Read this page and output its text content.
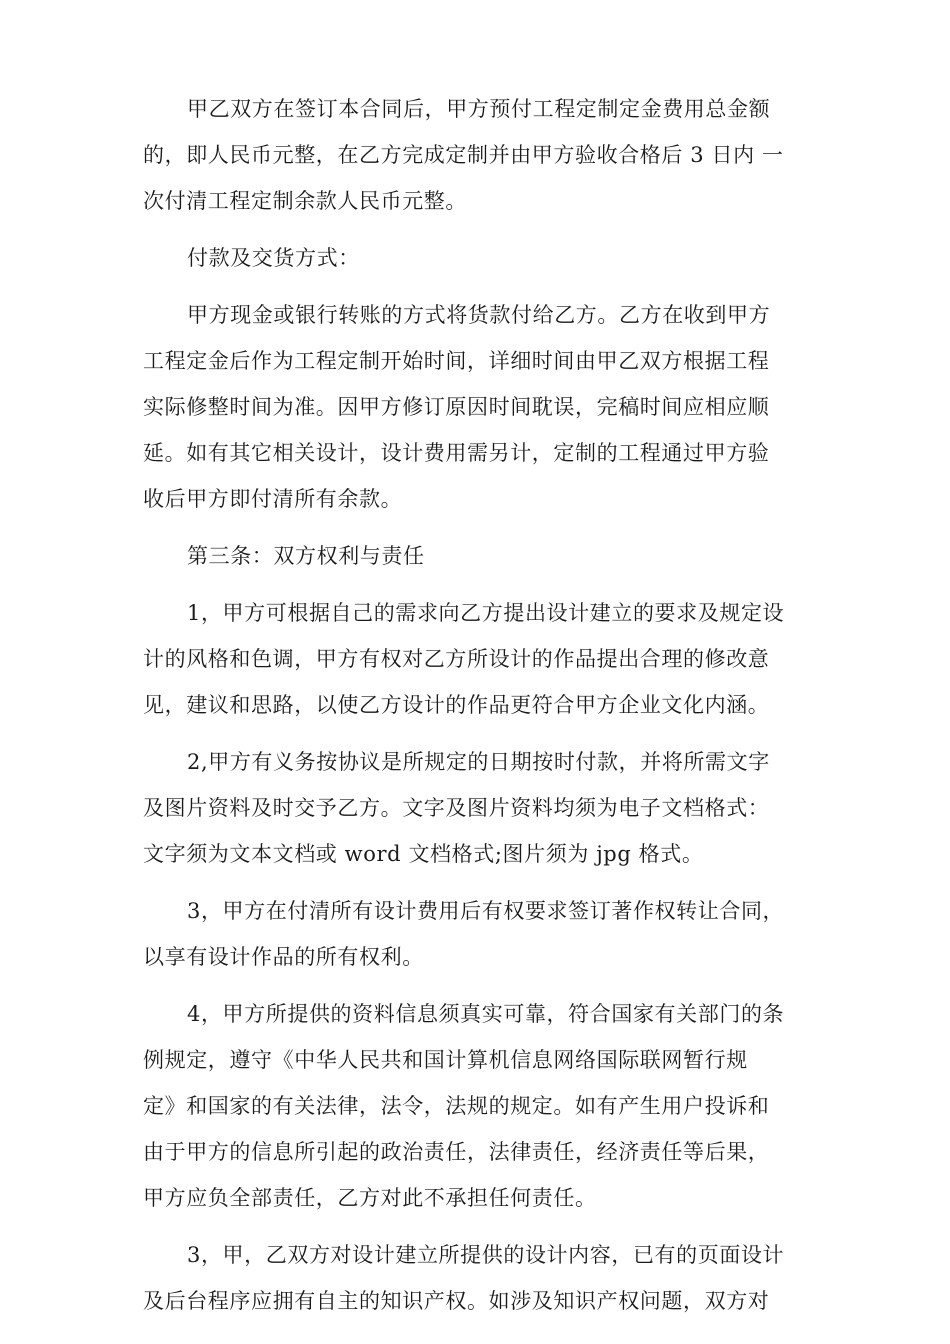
甲乙双方在签订本合同后，甲方预付工程定制定金费用总金额
的，即人民币元整，在乙方完成定制并由甲方验收合格后 3 日内 一
次付清工程定制余款人民币元整。

付款及交货方式：

甲方现金或银行转账的方式将货款付给乙方。乙方在收到甲方
工程定金后作为工程定制开始时间，详细时间由甲乙双方根据工程
实际修整时间为准。因甲方修订原因时间耽误，完稿时间应相应顺
延。如有其它相关设计，设计费用需另计，定制的工程通过甲方验
收后甲方即付清所有余款。

第三条：双方权利与责任

1，甲方可根据自己的需求向乙方提出设计建立的要求及规定设
计的风格和色调，甲方有权对乙方所设计的作品提出合理的修改意
见，建议和思路，以使乙方设计的作品更符合甲方企业文化内涵。

2,甲方有义务按协议是所规定的日期按时付款，并将所需文字
及图片资料及时交予乙方。文字及图片资料均须为电子文档格式：
文字须为文本文档或 word 文档格式;图片须为 jpg 格式。

3，甲方在付清所有设计费用后有权要求签订著作权转让合同，
以享有设计作品的所有权利。

4，甲方所提供的资料信息须真实可靠，符合国家有关部门的条
例规定，遵守《中华人民共和国计算机信息网络国际联网暂行规
定》和国家的有关法律，法令，法规的规定。如有产生用户投诉和
由于甲方的信息所引起的政治责任，法律责任，经济责任等后果，
甲方应负全部责任，乙方对此不承担任何责任。

3，甲，乙双方对设计建立所提供的设计内容，已有的页面设计
及后台程序应拥有自主的知识产权。如涉及知识产权问题，双方对
